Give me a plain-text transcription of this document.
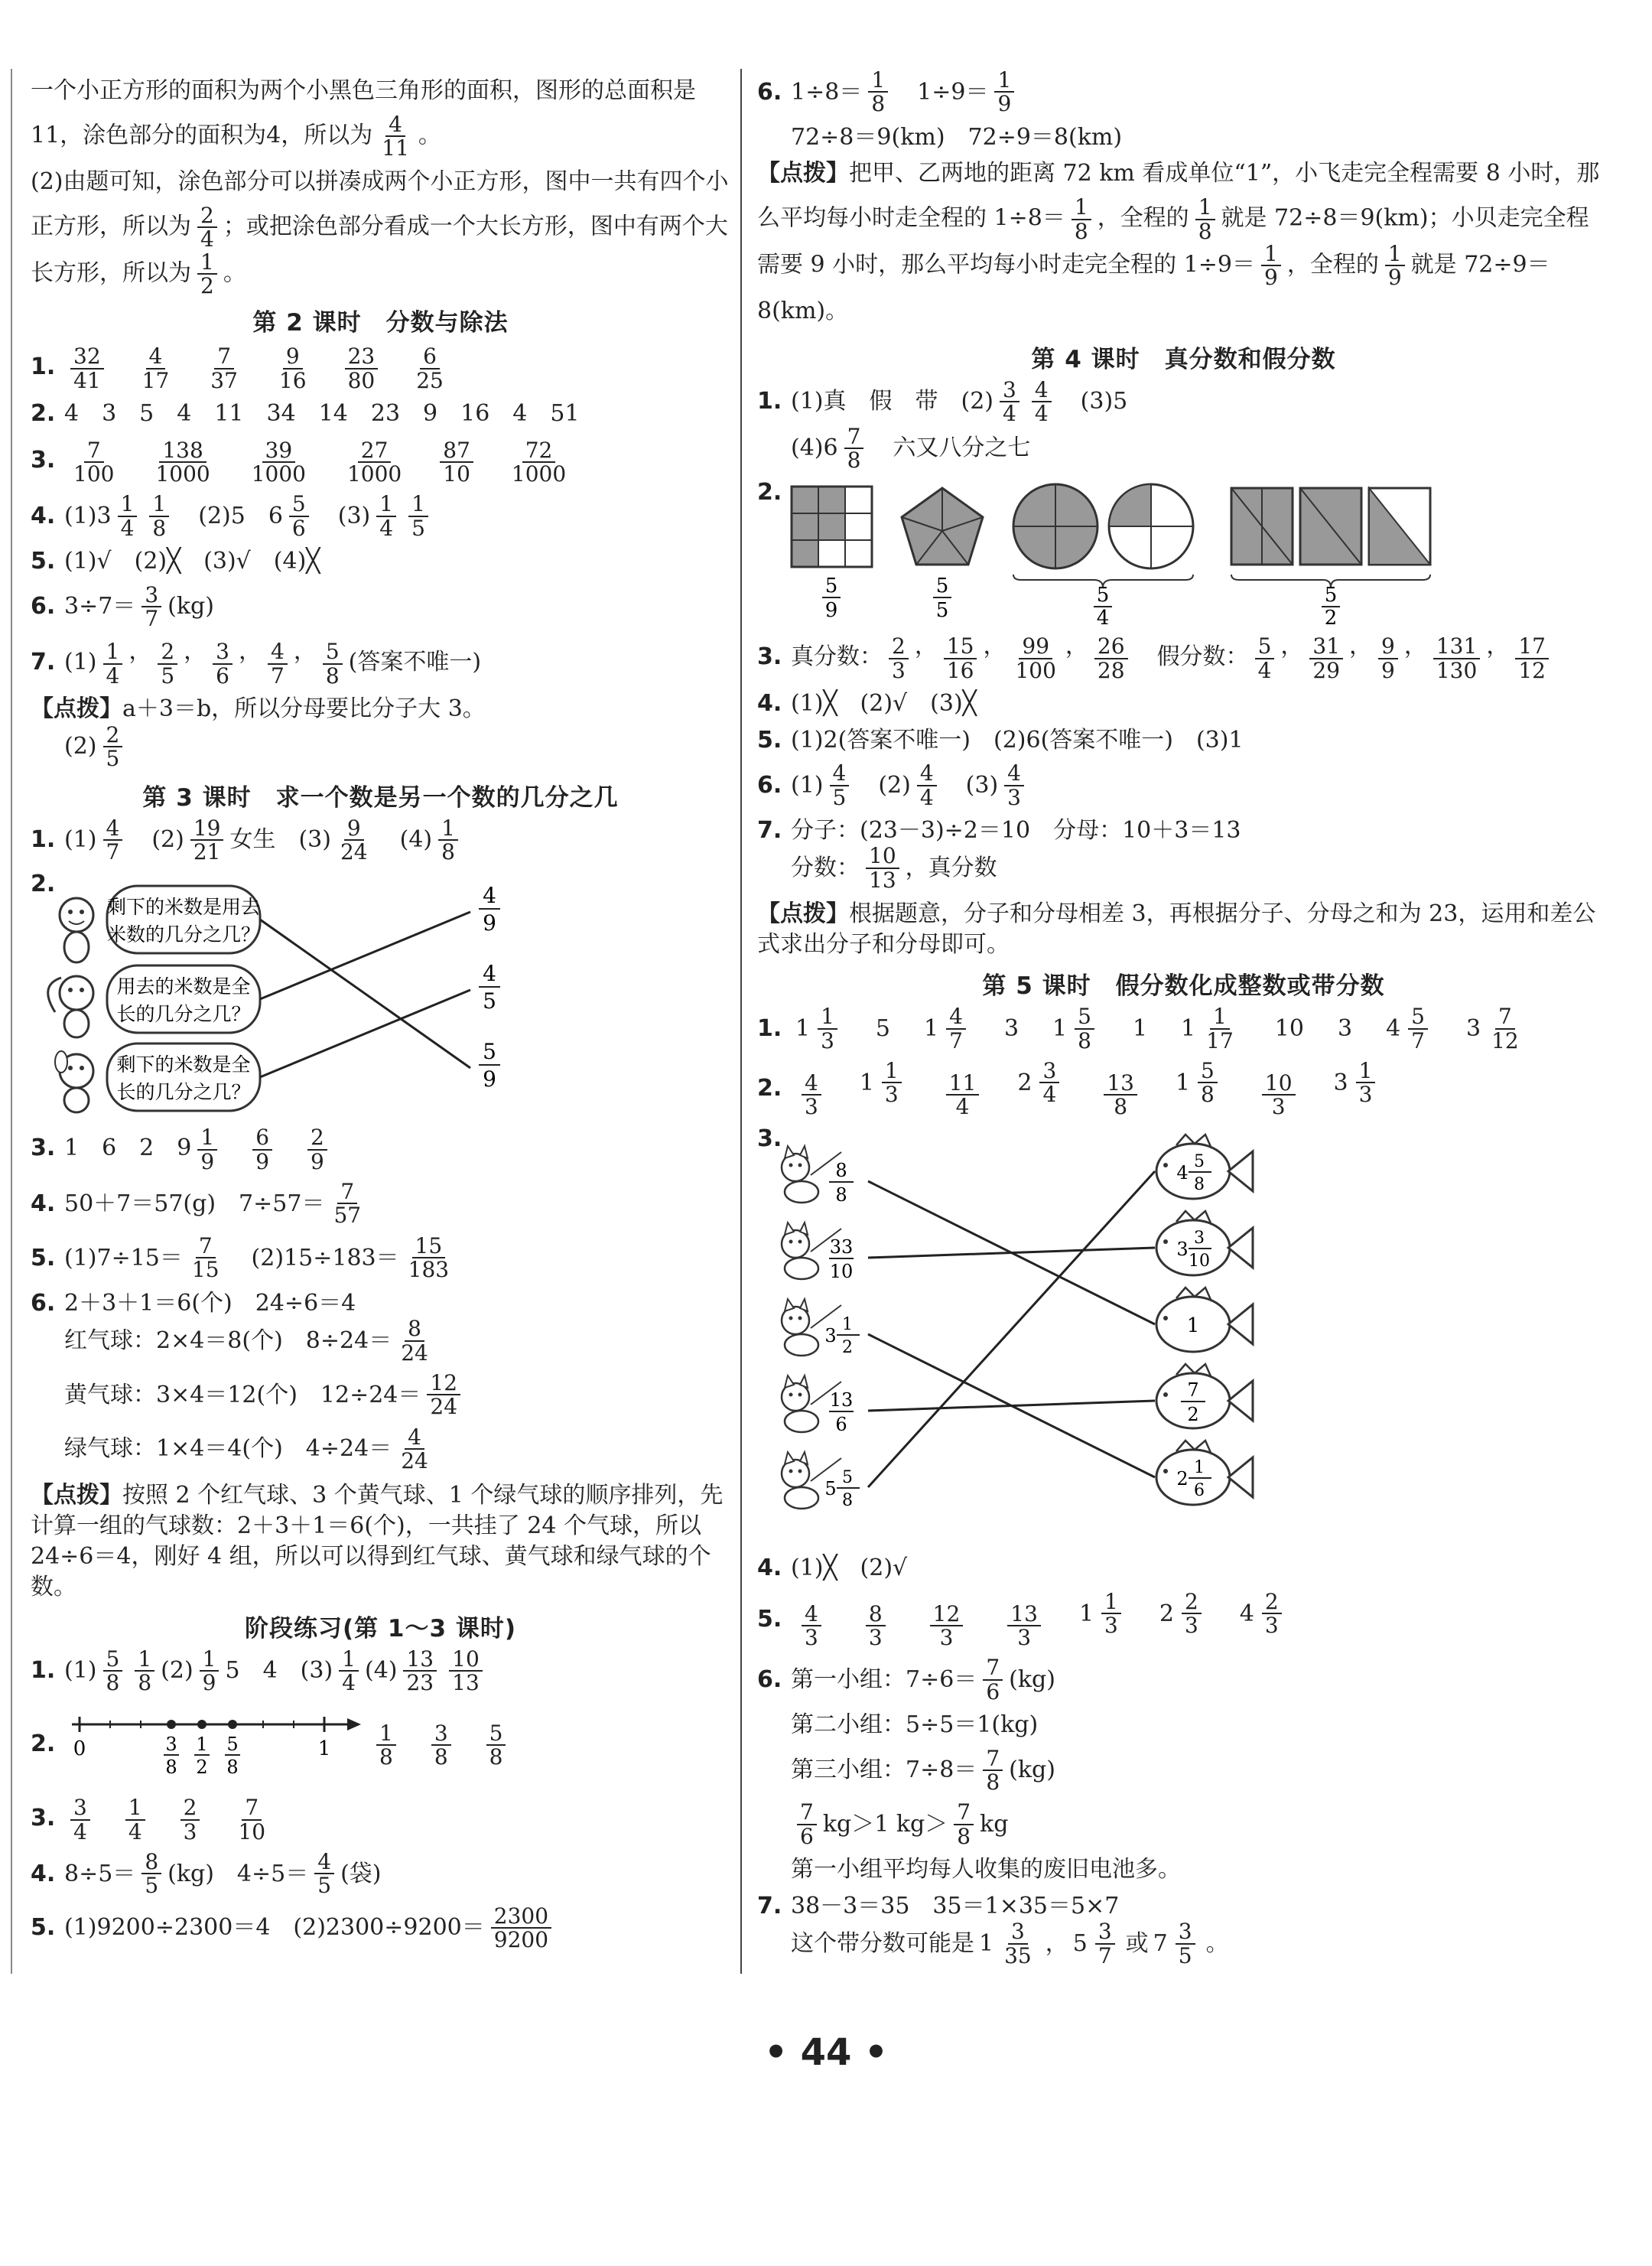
一个小正方形的面积为两个小黑色三角形的面积，图形的总面积是11，涂色部分的面积为4，所以为 $\frac{4}{11}$ 。

(2)由题可知，涂色部分可以拼凑成两个小正方形，图中一共有四个小正方形，所以为 $\frac{2}{4}$ ；或把涂色部分看成一个大长方形，图中有两个大长方形，所以为 $\frac{1}{2}$ 。

第 2 课时　分数与除法
1. $\frac{32}{41} \frac{4}{17} \frac{7}{37} \frac{9}{16} \frac{23}{80} \frac{6}{25}$
2. 4　3　5　4　11　34　14　23　9　16　4　51
3. $\frac{7}{100} \frac{138}{1000} \frac{39}{1000} \frac{27}{1000} \frac{87}{10} \frac{72}{1000}$
4. $(1)3 \frac{1}{4} \frac{1}{8} (2)5$　$6 \frac{5}{6} (3) \frac{1}{4} \frac{1}{5}$
5. (1)√　(2)╳　(3)√　(4)╳
6. $3\div 7= \frac{3}{7} (kg)$
7. $(1) \frac{1}{4}$ ， $\frac{2}{5}$ ， $\frac{3}{6}$ ， $\frac{4}{7}$ ， $\frac{5}{8}$ (答案不唯一)
【点拨】 a＋3＝b，所以分母要比分子大 3。
$(2) \frac{2}{5}$
第 3 课时　求一个数是另一个数的几分之几
1. $(1) \frac{4}{7} (2) \frac{19}{21}$ 女生　$(3) \frac{9}{24} (4) \frac{1}{8}$
2.
剩下的米数是用去
米数的几分之几？
用去的米数是全
长的几分之几？
剩下的米数是全
长的几分之几？
4
9
4
5
5
9
3. 1　6　2　$9 \frac{1}{9} \frac{6}{9} \frac{2}{9}$
4. 50＋7＝57(g)　$7\div 57= \frac{7}{57}$
5. $(1)7\div 15= \frac{7}{15} (2)15\div 183= \frac{15}{183}$
6. 2＋3＋1＝6(个)　24÷6＝4
红气球：2×4＝8(个)　$8\div 24= \frac{8}{24}$
黄气球：3×4＝12(个)　$12\div 24= \frac{12}{24}$
绿气球：1×4＝4(个)　$4\div 24= \frac{4}{24}$

【点拨】按照 2 个红气球、3 个黄气球、1 个绿气球的顺序排列，先计算一组的气球数：2＋3＋1＝6(个)，一共挂了 24 个气球，所以 24÷6＝4，刚好 4 组，所以可以得到红气球、黄气球和绿气球的个数。

阶段练习(第 1～3 课时)
1. $(1) \frac{5}{8} \frac{1}{8} (2) \frac{1}{9} 5$　4　$(3) \frac{1}{4} (4) \frac{13}{23} \frac{10}{13}$
2. 0	1
3
8
1
2
5
8	$\frac{1}{8} \frac{3}{8} \frac{5}{8}$
3. $\frac{3}{4} \frac{1}{4} \frac{2}{3} \frac{7}{10}$
4. $8\div 5= \frac{8}{5} (kg)$　$4\div 5= \frac{4}{5}$ (袋)
5. (1)9200÷2300＝4　$(2)2300\div 9200= \frac{2300}{9200}$
6. $1\div 8= \frac{1}{8} 1\div 9= \frac{1}{9}$
72÷8＝9(km)　72÷9＝8(km)

【点拨】把甲、乙两地的距离 72 km 看成单位“1”，小飞走完全程需要 8 小时，那么平均每小时走全程的 $1\div 8= \frac{1}{8}$ ，全程的 $\frac{1}{8}$ 就是 72÷8＝9(km)；小贝走完全程需要 9 小时，那么平均每小时走完全程的 $1\div 9= \frac{1}{9}$ ，全程的 $\frac{1}{9}$ 就是 72÷9＝8(km)。

第 4 课时　真分数和假分数
1. (1)真　假　带　$(2) \frac{3}{4} \frac{4}{4} (3)5$
$(4)6 \frac{7}{8}$ 六又八分之七
2.
5
9
5
5
5
4
5
2
3. 真分数： $\frac{2}{3}$ ， $\frac{15}{16}$ ， $\frac{99}{100}$ ， $\frac{26}{28}$ 假分数： $\frac{5}{4}$ ， $\frac{31}{29}$ ， $\frac{9}{9}$ ， $\frac{131}{130}$ ， $\frac{17}{12}$
4. (1)╳　(2)√　(3)╳
5. (1)2(答案不唯一)　(2)6(答案不唯一)　(3)1
6. $(1) \frac{4}{5} (2) \frac{4}{4} (3) \frac{4}{3}$
7. 分子：(23－3)÷2＝10　分母：10＋3＝13
分数： $\frac{10}{13}$ ，真分数

【点拨】根据题意，分子和分母相差 3，再根据分子、分母之和为 23，运用和差公式求出分子和分母即可。

第 5 课时　假分数化成整数或带分数
1. $1 \frac{1}{3} 5$ $1 \frac{4}{7} 3$ $1 \frac{5}{8} 1$ $1 \frac{1}{17} 10$ 3 $4 \frac{5}{7} 3 \frac{7}{12}$
2. $\frac{4}{3} 1 \frac{1}{3} \frac{11}{4} 2 \frac{3}{4} \frac{13}{8} 1 \frac{5}{8} \frac{10}{3} 3 \frac{1}{3}$
3.
8
8
33
10
3
1
2
13
6
5
5
8
4
5
8
3
3
10
1
7
2
2
1
6
4. (1)╳　(2)√
5. $\frac{4}{3} \frac{8}{3} \frac{12}{3} \frac{13}{3} 1 \frac{1}{3} 2 \frac{2}{3} 4 \frac{2}{3}$
6. 第一小组：$7\div 6= \frac{7}{6} (kg)$
第二小组：5÷5＝1(kg)
第三小组：$7\div 8= \frac{7}{8} (kg)$
$\frac{7}{6} kg>1$ $kg> \frac{7}{8}$ kg
第一小组平均每人收集的废旧电池多。
7. 38－3＝35　35＝1×35＝5×7
这个带分数可能是 $1 \frac{3}{35}$ ， $5 \frac{3}{7}$ 或 $7 \frac{3}{5}$ 。
• 44 •
